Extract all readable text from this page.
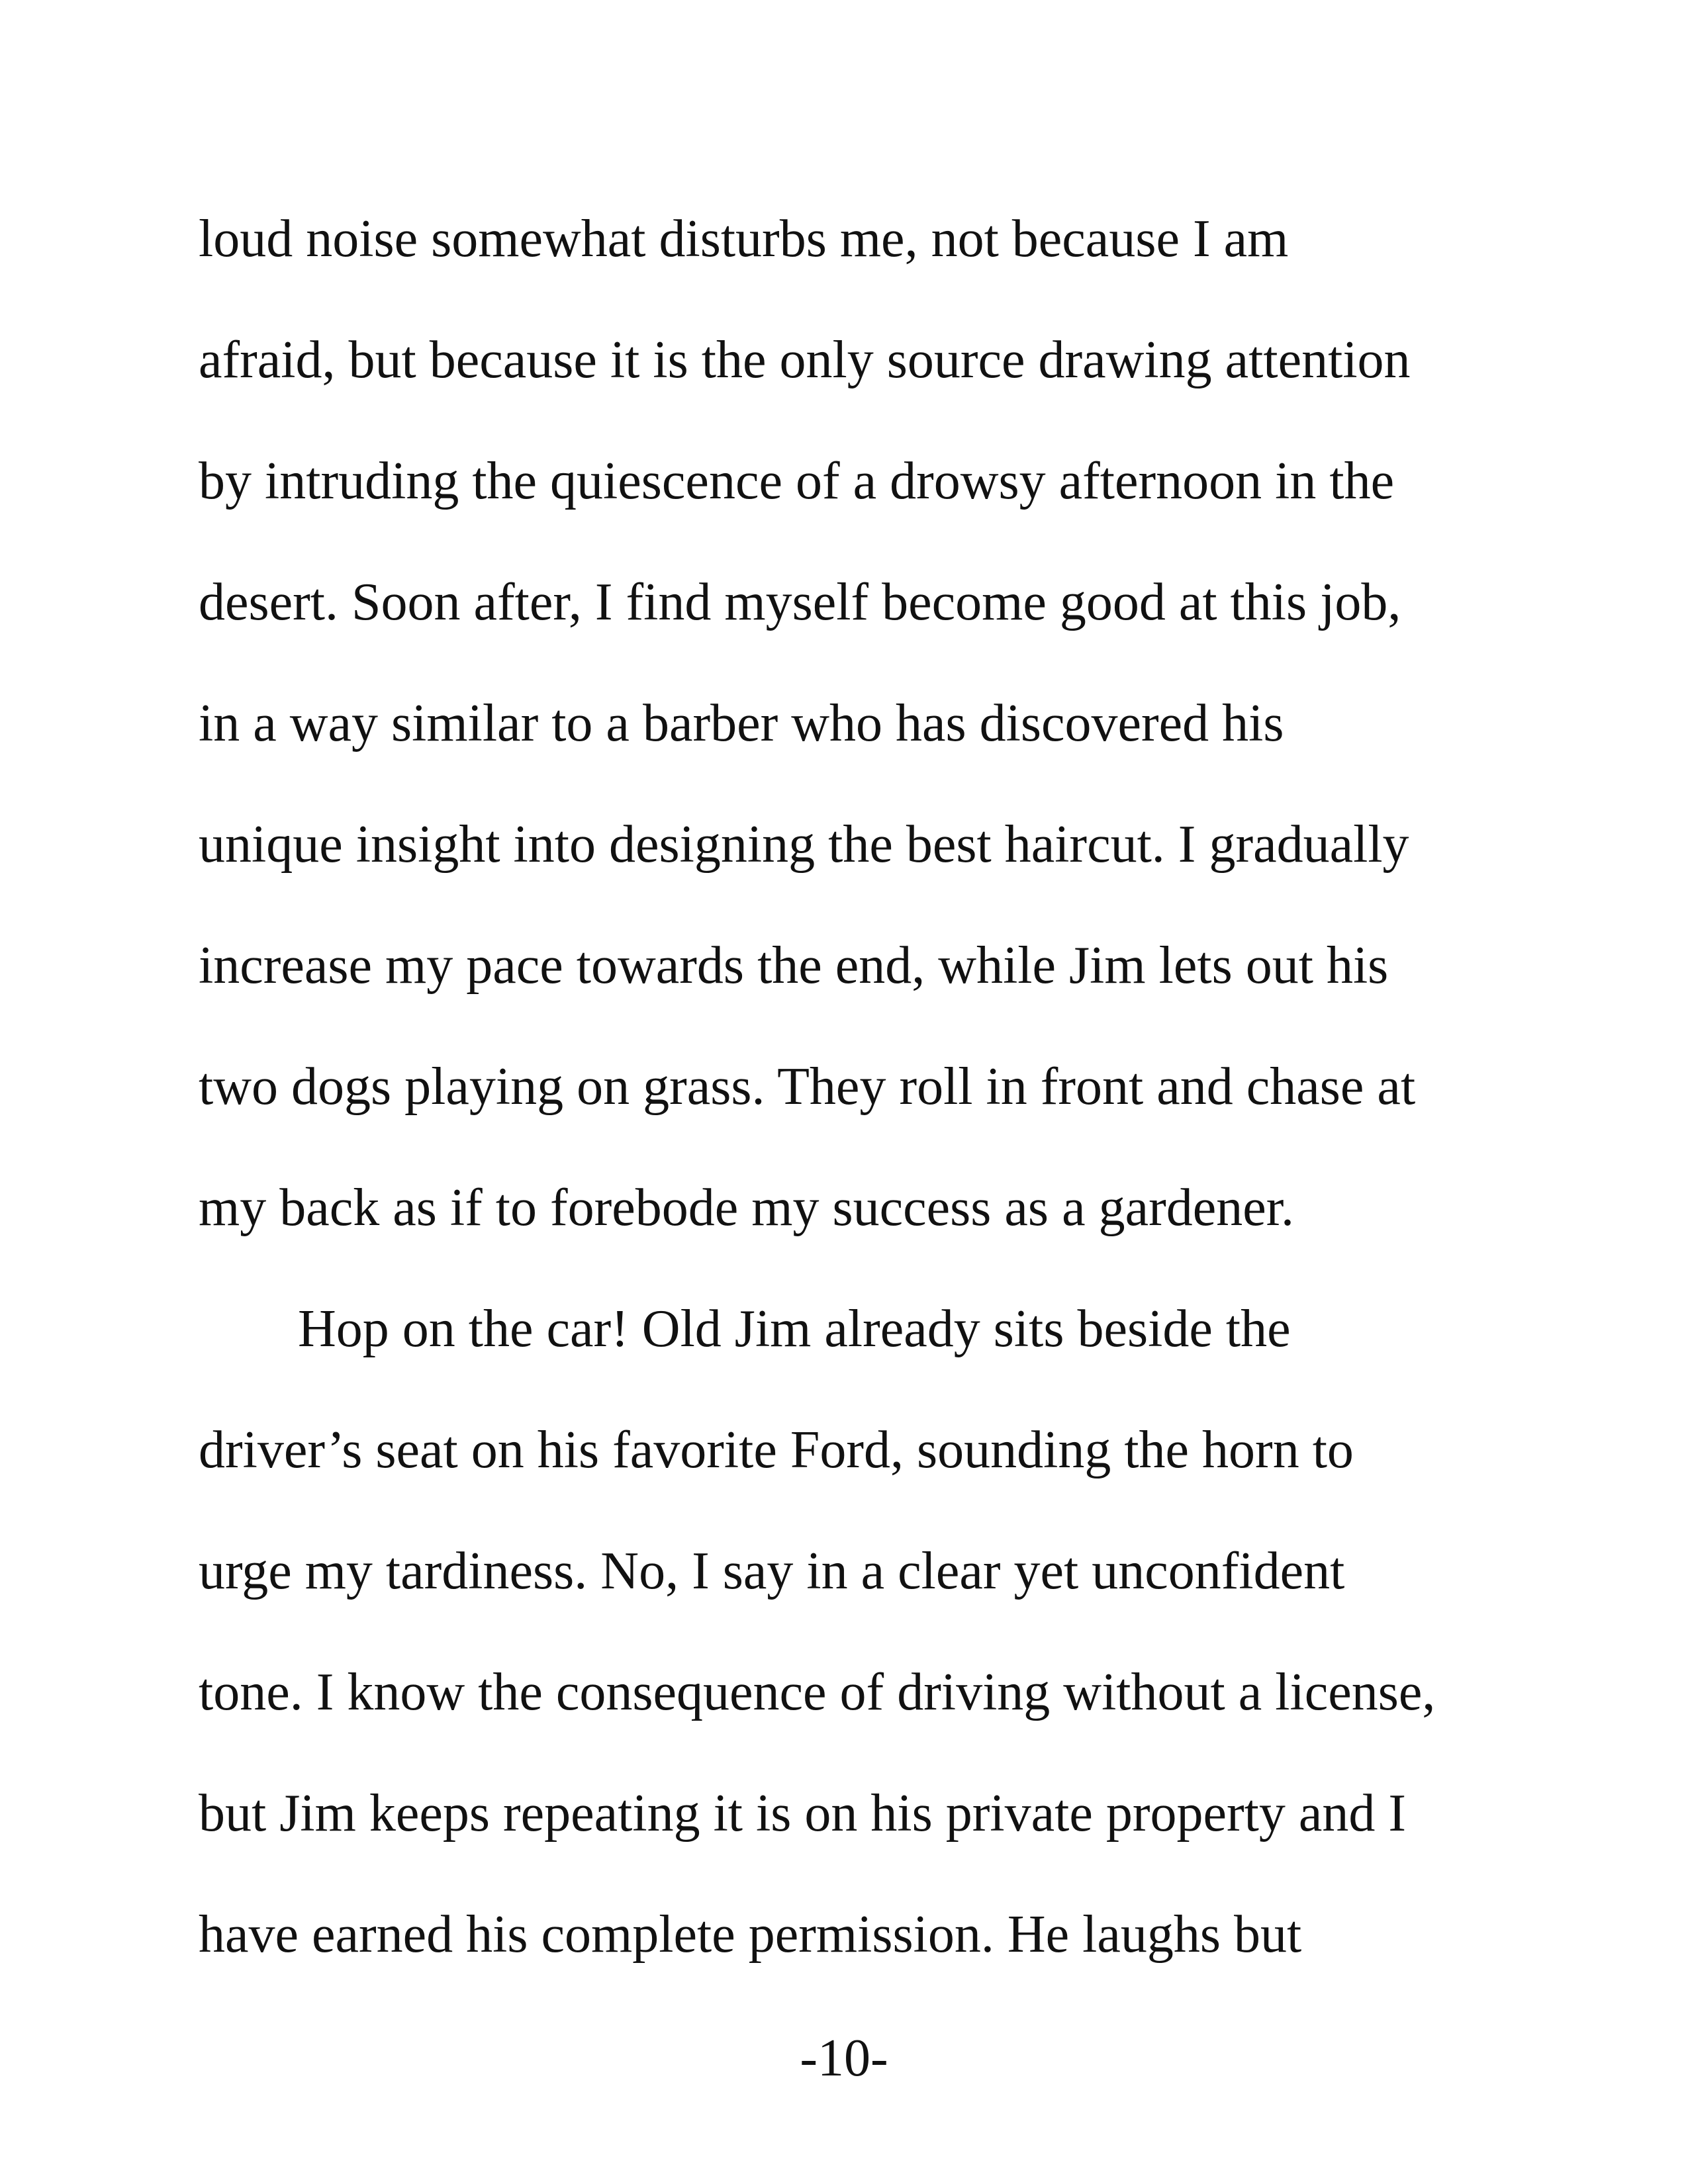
loud noise somewhat disturbs me, not because I am
afraid, but because it is the only source drawing attention
by intruding the quiescence of a drowsy afternoon in the
desert. Soon after, I find myself become good at this job,
in a way similar to a barber who has discovered his
unique insight into designing the best haircut. I gradually
increase my pace towards the end, while Jim lets out his
two dogs playing on grass. They roll in front and chase at
my back as if to forebode my success as a gardener.
Hop on the car! Old Jim already sits beside the
driver’s seat on his favorite Ford, sounding the horn to
urge my tardiness. No, I say in a clear yet unconfident
tone. I know the consequence of driving without a license,
but Jim keeps repeating it is on his private property and I
have earned his complete permission. He laughs but
-10-
